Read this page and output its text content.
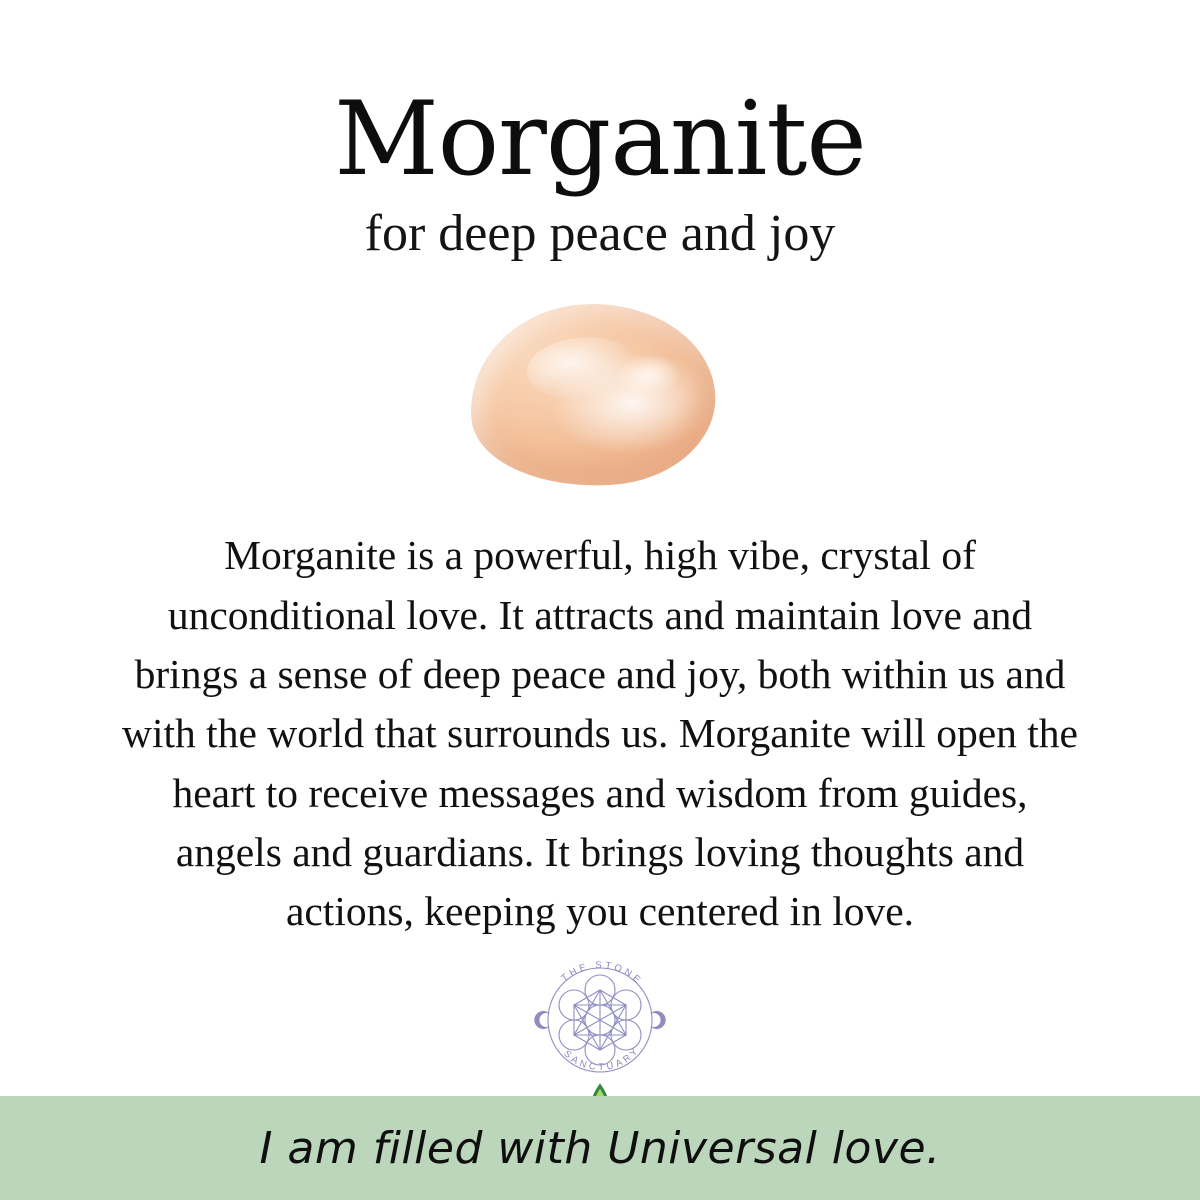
Morganite
for deep peace and joy
Morganite is a powerful, high vibe, crystal of unconditional love. It attracts and maintain love and brings a sense of deep peace and joy, both within us and with the world that surrounds us. Morganite will open the heart to receive messages and wisdom from guides, angels and guardians. It brings loving thoughts and actions, keeping you centered in love.
THE STONE
SANCTUARY
I am filled with Universal love.
